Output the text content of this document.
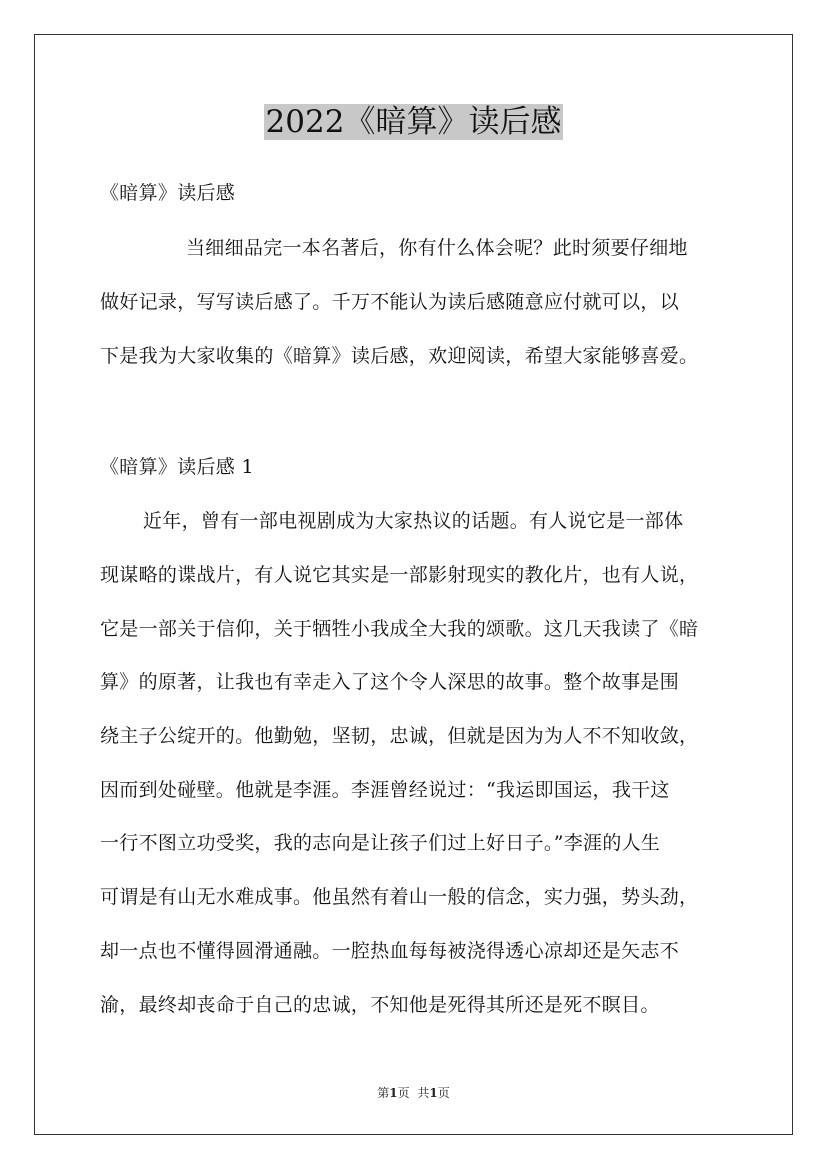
2022《暗算》读后感
《暗算》读后感
当细细品完一本名著后，你有什么体会呢？此时须要仔细地
做好记录，写写读后感了。千万不能认为读后感随意应付就可以，以
下是我为大家收集的《暗算》读后感，欢迎阅读，希望大家能够喜爱。
《暗算》读后感 1
近年，曾有一部电视剧成为大家热议的话题。有人说它是一部体
现谋略的谍战片，有人说它其实是一部影射现实的教化片，也有人说，
它是一部关于信仰，关于牺牲小我成全大我的颂歌。这几天我读了《暗
算》的原著，让我也有幸走入了这个令人深思的故事。整个故事是围
绕主子公绽开的。他勤勉，坚韧，忠诚，但就是因为为人不不知收敛，
因而到处碰壁。他就是李涯。李涯曾经说过：“我运即国运，我干这
一行不图立功受奖，我的志向是让孩子们过上好日子。”李涯的人生
可谓是有山无水难成事。他虽然有着山一般的信念，实力强，势头劲，
却一点也不懂得圆滑通融。一腔热血每每被浇得透心凉却还是矢志不
渝，最终却丧命于自己的忠诚，不知他是死得其所还是死不瞑目。
第1页 共1页
